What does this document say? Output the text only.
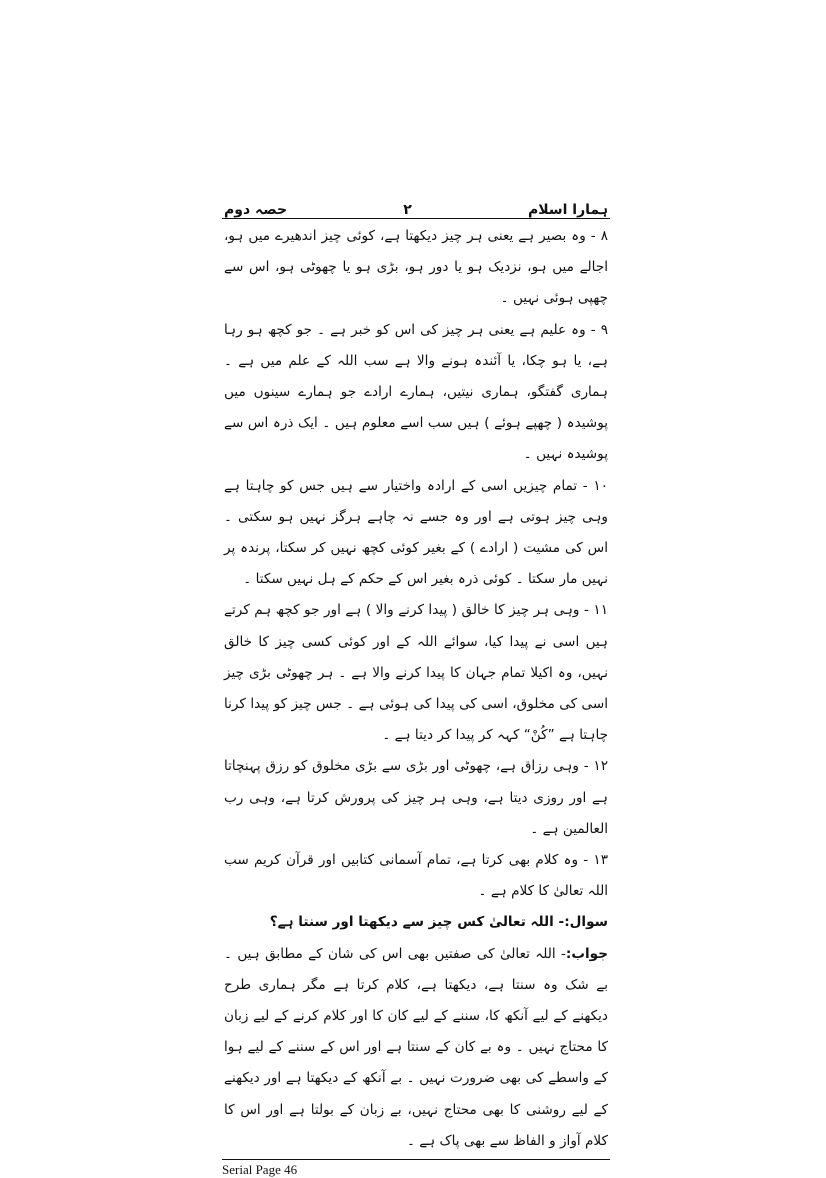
ہمارا اسلام
۲
حصہ دوم

۸ - وہ بصیر ہے یعنی ہر چیز دیکھتا ہے، کوئی چیز اندھیرے میں ہو، اجالے میں ہو، نزدیک ہو یا دور ہو، بڑی ہو یا چھوٹی ہو، اس سے چھپی ہوئی نہیں ۔

۹ - وہ علیم ہے یعنی ہر چیز کی اس کو خبر ہے ۔ جو کچھ ہو رہا ہے، یا ہو چکا، یا آئندہ ہونے والا ہے سب اللہ کے علم میں ہے ۔ ہماری گفتگو، ہماری نیتیں، ہمارے ارادے جو ہمارے سینوں میں پوشیدہ ( چھپے ہوئے ) ہیں سب اسے معلوم ہیں ۔ ایک ذرہ اس سے پوشیدہ نہیں ۔

۱۰ - تمام چیزیں اسی کے ارادہ واختیار سے ہیں جس کو چاہتا ہے وہی چیز ہوتی ہے اور وہ جسے نہ چاہے ہرگز نہیں ہو سکتی ۔ اس کی مشیت ( ارادے ) کے بغیر کوئی کچھ نہیں کر سکتا، پرندہ پر نہیں مار سکتا ۔ کوئی ذرہ بغیر اس کے حکم کے ہل نہیں سکتا ۔

۱۱ - وہی ہر چیز کا خالق ( پیدا کرنے والا ) ہے اور جو کچھ ہم کرتے ہیں اسی نے پیدا کیا، سوائے اللہ کے اور کوئی کسی چیز کا خالق نہیں، وہ اکیلا تمام جہان کا پیدا کرنے والا ہے ۔ ہر چھوٹی بڑی چیز اسی کی مخلوق، اسی کی پیدا کی ہوئی ہے ۔ جس چیز کو پیدا کرنا چاہتا ہے ”کُنْ“ کہہ کر پیدا کر دیتا ہے ۔

۱۲ - وہی رزاق ہے، چھوٹی اور بڑی سے بڑی مخلوق کو رزق پہنچاتا ہے اور روزی دیتا ہے، وہی ہر چیز کی پرورش کرتا ہے، وہی رب العالمین ہے ۔

۱۳ - وہ کلام بھی کرتا ہے، تمام آسمانی کتابیں اور قرآن کریم سب اللہ تعالیٰ کا کلام ہے ۔

سوال:- اللہ تعالیٰ کس چیز سے دیکھتا اور سنتا ہے؟

جواب:- اللہ تعالیٰ کی صفتیں بھی اس کی شان کے مطابق ہیں ۔ بے شک وہ سنتا ہے، دیکھتا ہے، کلام کرتا ہے مگر ہماری طرح دیکھنے کے لیے آنکھ کا، سننے کے لیے کان کا اور کلام کرنے کے لیے زبان کا محتاج نہیں ۔ وہ بے کان کے سنتا ہے اور اس کے سننے کے لیے ہوا کے واسطے کی بھی ضرورت نہیں ۔ بے آنکھ کے دیکھتا ہے اور دیکھنے کے لیے روشنی کا بھی محتاج نہیں، بے زبان کے بولتا ہے اور اس کا کلام آواز و الفاظ سے بھی پاک ہے ۔

Serial Page 46
